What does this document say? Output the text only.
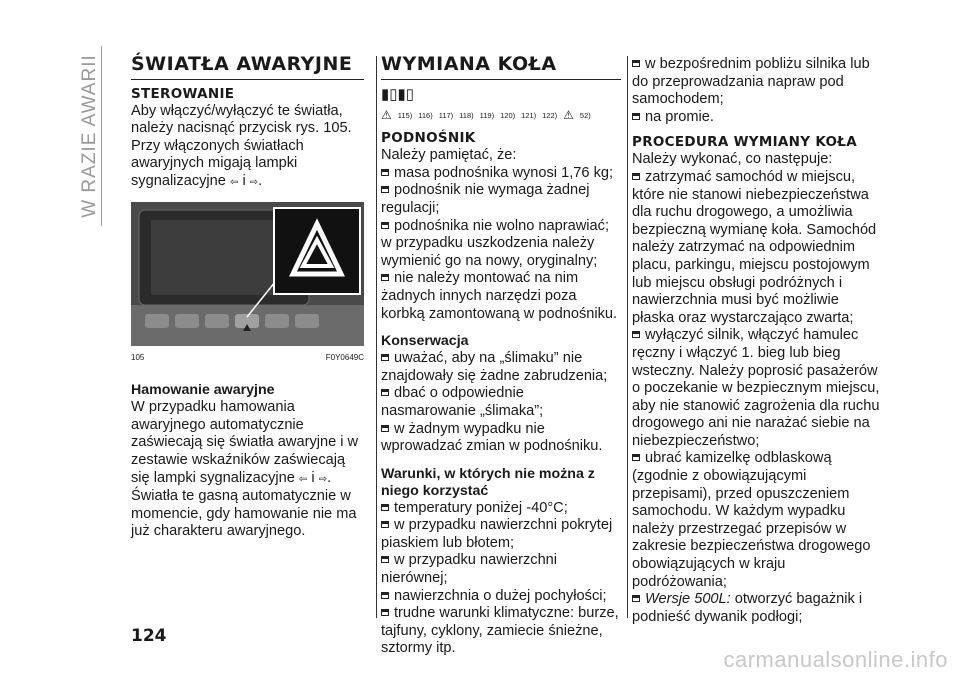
W RAZIE AWARII ŚWIATŁA AWARYJNE
STEROWANIE

Aby włączyć/wyłączyć te światła, należy nacisnąć przycisk rys. 105. Przy włączonych światłach awaryjnych migają lampki sygnalizacyjne ⇦ i ⇨.

105	F0Y0649C
Hamowanie awaryjne

W przypadku hamowania awaryjnego automatycznie zaświecają się światła awaryjne i w zestawie wskaźników zaświecają się lampki sygnalizacyjne ⇦ i ⇨.

Światła te gasną automatycznie w momencie, gdy hamowanie nie ma już charakteru awaryjnego.

WYMIANA KOŁA
▮▯▮▯
⚠ 115) 116) 117) 118) 119) 120) 121) 122) ⚠ 52)
PODNOŚNIK

Należy pamiętać, że:

masa podnośnika wynosi 1,76 kg;

podnośnik nie wymaga żadnej regulacji;

podnośnika nie wolno naprawiać; w przypadku uszkodzenia należy wymienić go na nowy, oryginalny;

nie należy montować na nim żadnych innych narzędzi poza korbką zamontowaną w podnośniku.

Konserwacja

uważać, aby na „ślimaku” nie znajdowały się żadne zabrudzenia;

dbać o odpowiednie nasmarowanie „ślimaka”;

w żadnym wypadku nie wprowadzać zmian w podnośniku.

Warunki, w których nie można z niego korzystać

temperatury poniżej -40°C;

w przypadku nawierzchni pokrytej piaskiem lub błotem;

w przypadku nawierzchni nierównej;

nawierzchnia o dużej pochyłości;

trudne warunki klimatyczne: burze, tajfuny, cyklony, zamiecie śnieżne, sztormy itp.

w bezpośrednim pobliżu silnika lub do przeprowadzania napraw pod samochodem;

na promie.

PROCEDURA WYMIANY KOŁA

Należy wykonać, co następuje:

zatrzymać samochód w miejscu, które nie stanowi niebezpieczeństwa dla ruchu drogowego, a umożliwia bezpieczną wymianę koła. Samochód należy zatrzymać na odpowiednim placu, parkingu, miejscu postojowym lub miejscu obsługi podróżnych i nawierzchnia musi być możliwie płaska oraz wystarczająco zwarta;

wyłączyć silnik, włączyć hamulec ręczny i włączyć 1. bieg lub bieg wsteczny. Należy poprosić pasażerów o poczekanie w bezpiecznym miejscu, aby nie stanowić zagrożenia dla ruchu drogowego ani nie narażać siebie na niebezpieczeństwo;

ubrać kamizelkę odblaskową (zgodnie z obowiązującymi przepisami), przed opuszczeniem samochodu. W każdym wypadku należy przestrzegać przepisów w zakresie bezpieczeństwa drogowego obowiązujących w kraju podróżowania;

Wersje 500L: otworzyć bagażnik i podnieść dywanik podłogi;

124
carmanualsonline.info
